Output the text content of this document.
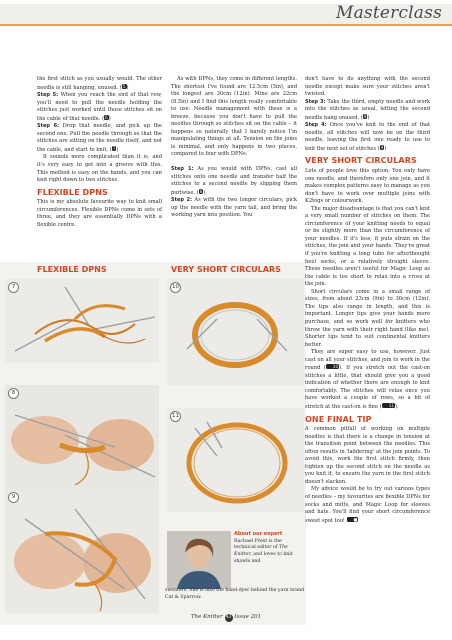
Masterclass

the first stitch as you usually would. The other needle is still hanging, unused. (5)

Step 5: When you reach the end of that row, you'll need to pull the needle holding the stitches just worked until those stitches sit on the cable of that needle. (6)

Step 6: Drop that needle, and pick up the second one. Pull the needle through so that the stitches are sitting on the needle itself, and not the cable, and start to knit. (7)

It sounds more complicated than it is, and it's very easy to get into a groove with this. This method is easy on the hands, and you can knit right down to two stitches.

FLEXIBLE DPNS

This is my absolute favourite way to knit small circumferences. Flexible DPNs come in sets of three, and they are essentially DPNs with a flexible centre.

As with DPNs, they come in different lengths. The shortest I've found are 12.5cm (5in), and the longest are 30cm (12in). Mine are 22cm (8.5in) and I find this length really comfortable to use. Needle management with these is a breeze, because you don't have to pull the needles through so stitches sit on the cable – it happens so naturally that I barely notice I'm manipulating things at all. Tension on the joins is minimal, and only happens in two places, compared to four with DPNs.

Step 1: As you would with DPNs, cast all stitches onto one needle and transfer half the stitches to a second needle by slipping them purlwise. (8).

Step 2: As with the two longer circulars, pick up the needle with the yarn tail, and bring the working yarn into position. You

FLEXIBLE DPNS	VERY SHORT CIRCULARS
7
8
9
10
11
About our expert
Rachael Prest is the technical editor of The Knitter, and loves to knit shawls and
sweaters. She is also the hand-dyer behind the yarn brand Cat & Sparrow.

don't have to do anything with the second needle except make sure your stitches aren't twisted.

Step 3: Take the third, empty needle and work into the stitches as usual, letting the second needle hang unused. (9)

Step 4: Once you've knit to the end of that needle, all stitches will now be on the third needle, leaving the first one ready to use to knit the next set of stitches (9)

VERY SHORT CIRCULARS

Lots of people love this option. You only have one needle, and therefore only one join, and it makes complex patterns easy to manage as you don't have to work over multiple joins with K2togs or colourwork.

The major disadvantage is that you can't knit a very small number of stitches on them. The circumference of your knitting needs to equal or be slightly more than the circumference of your needles. If it's less, it puts strain on the stitches, the join and your hands. They're great if you're knitting a long tube for afterthought heel socks, or a relatively straight sleeve. These needles aren't useful for Magic Loop as the cable is too short to relax into a cross at the join.

Short circulars come in a small range of sizes, from about 23cm (9in) to 30cm (12in). The tips also range in length, and this is important. Longer tips give your hands more purchase, and so work well for knitters who throw the yarn with their right hand (like me). Shorter tips tend to suit continental knitters better.

They are super easy to use, however. Just cast on all your stitches, and join to work in the round ( 10). If you stretch out the cast-on stitches a little, that should give you a good indication of whether there are enough to knit comfortably. The stitches will relax once you have worked a couple of rows, so a bit of stretch at the cast-on is fine ( 11).

ONE FINAL TIP

A common pitfall of working on multiple needles is that there is a change in tension at the transition point between the needles. This often results in 'laddering' at the join points. To avoid this, work the first stitch firmly, then tighten up the second stitch on the needle as you knit it, to ensure the yarn in the first stitch doesn't slacken.

My advice would be to try out various types of needles – my favourites are flexible DPNs for socks and mitts, and Magic Loop for sleeves and hats. You'll find your short circumference sweet spot too! ■

The Knitter 43 Issue 201
